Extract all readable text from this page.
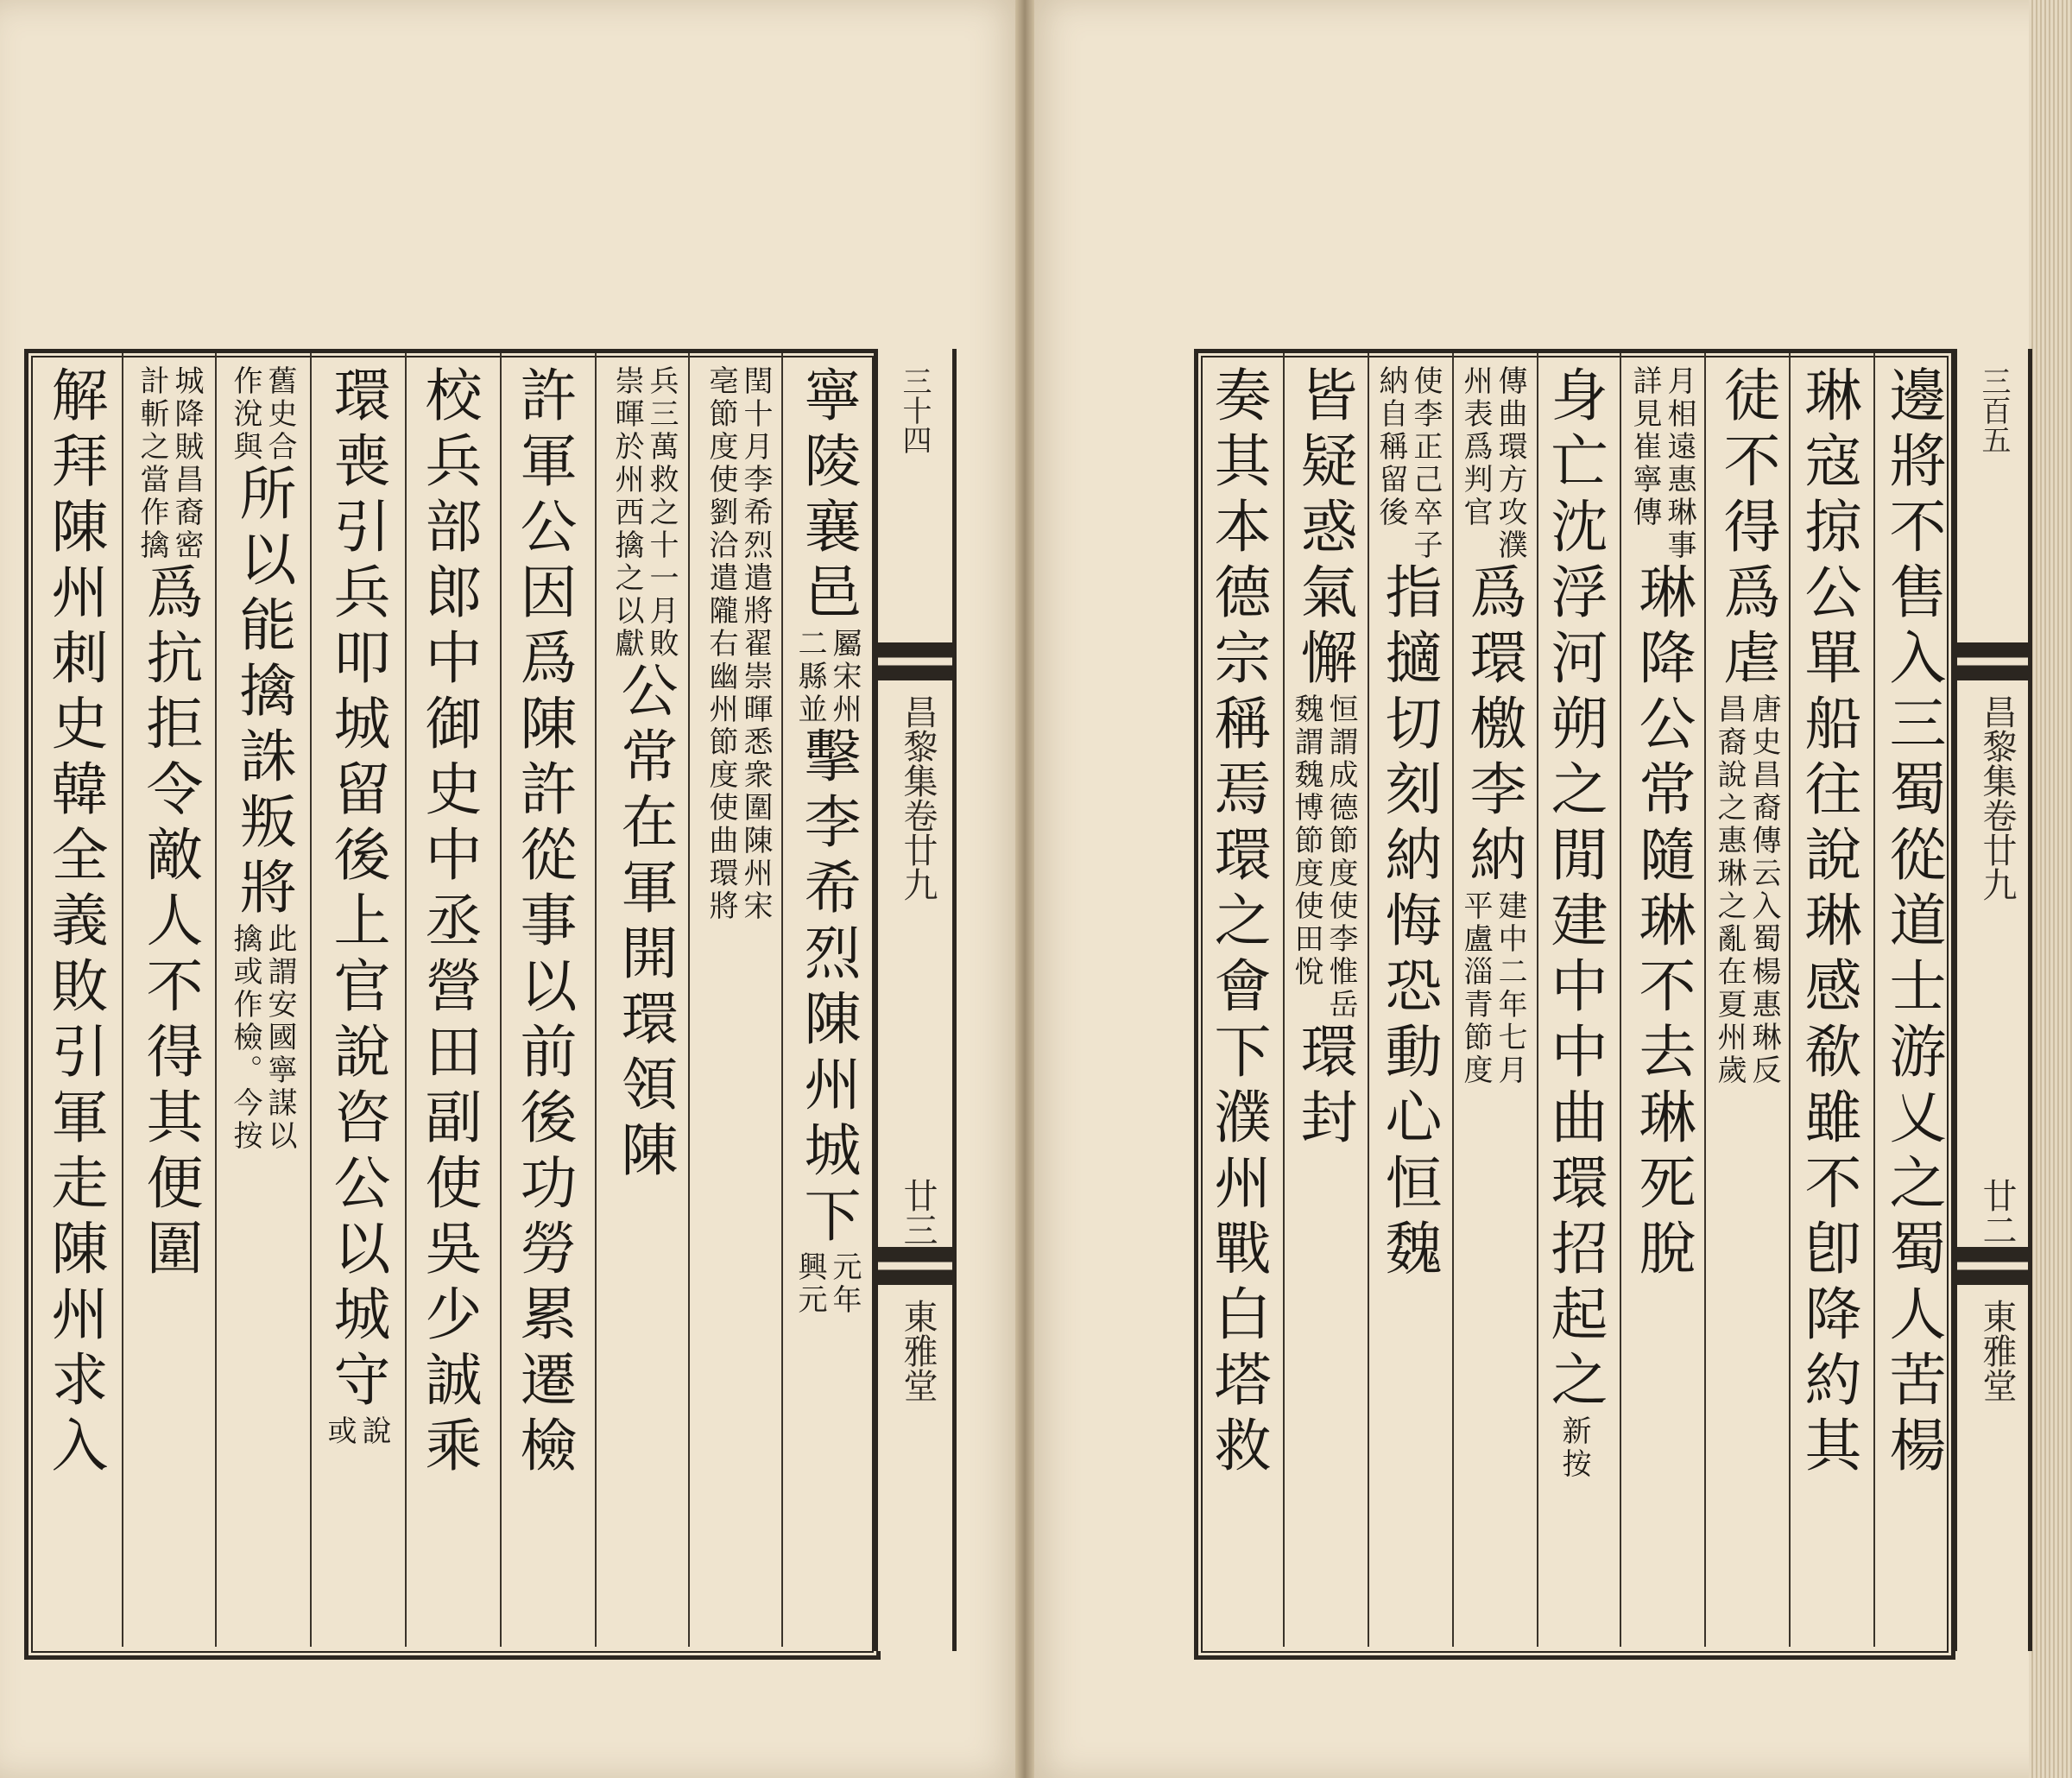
寧陵襄邑
屬宋州
二縣並
擊李希烈陳州城下
元年
興元
閏十月李希烈遣將翟崇暉悉衆圍陳州宋
亳節度使劉洽遣隴右幽州節度使曲環將
兵三萬救之十一月敗
崇暉於州西擒之以獻
公常在軍開環領陳
許軍公因爲陳許從事以前後功勞累遷檢
校兵部郎中御史中丞營田副使吳少誠乘
環喪引兵叩城留後上官說咨公以城守
說
或
舊史合
作涗與
所以能擒誅叛將
此謂安國寧謀以
擒或作檢。今按
城降賊
計斬之
昌裔密
當作擒
爲抗拒令敵人不得其便圍
解拜陳州刺史韓全義敗引軍走陳州求入	三十四
昌黎集卷廿九
廿三
東雅堂
三百五
昌黎集卷廿九
廿二
東雅堂
邊將不售入三蜀從道士游乂之蜀人苦楊
琳寇掠公單船往說琳感欷雖不卽降約其
徒不得爲虐
唐史昌裔傳云入蜀楊惠琳反
昌裔說之惠琳之亂在夏州歲
月相遠惠琳事
詳見崔寧傳
琳降公常隨琳不去琳死脫
身亡沈浮河朔之閒建中中曲環招起之
新按
傳曲環方攻濮
州表爲判官
爲環檄李納
建中二年七月
平盧淄青節度
使李正己卒子
納自稱留後
指擿切刻納悔恐動心恒魏
皆疑惑氣懈
恒謂成德節度使李惟岳
魏謂魏博節度使田悅
環封
奏其本德宗稱焉環之會下濮州戰白塔救
